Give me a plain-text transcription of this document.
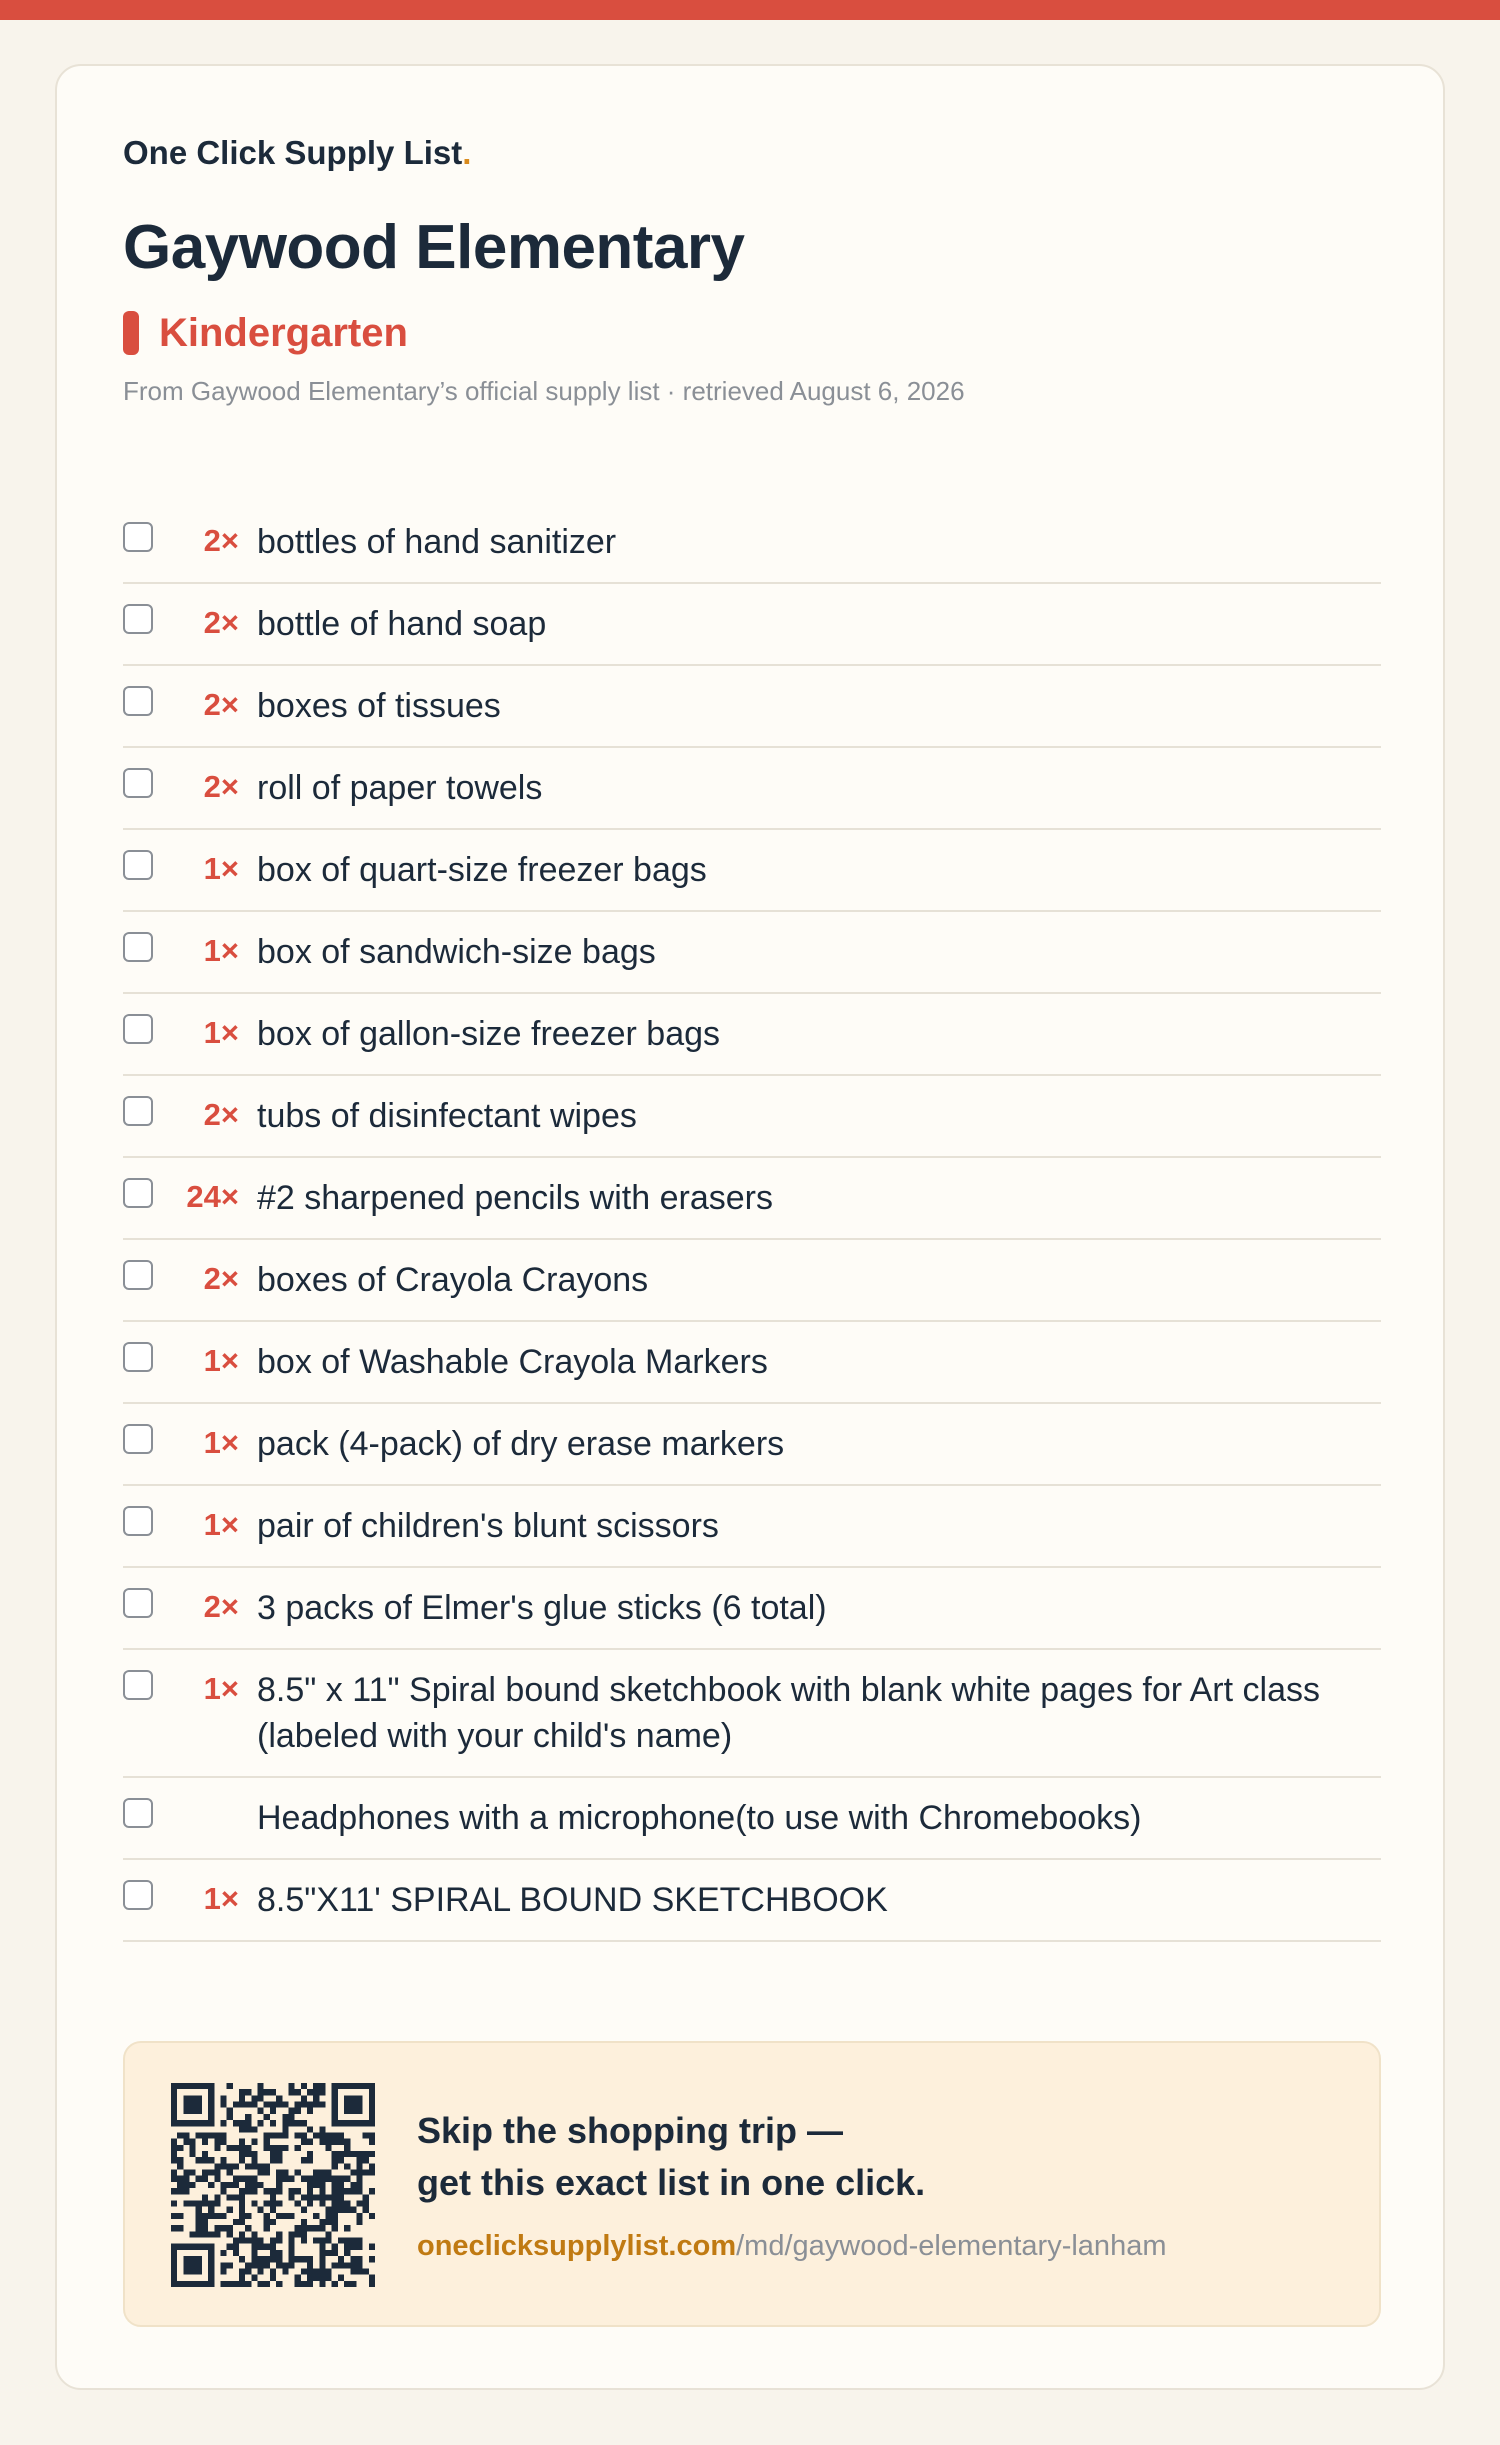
One Click Supply List.
Gaywood Elementary
Kindergarten
From Gaywood Elementary’s official supply list · retrieved August 6, 2026
2× bottles of hand sanitizer
2× bottle of hand soap
2× boxes of tissues
2× roll of paper towels
1× box of quart-size freezer bags
1× box of sandwich-size bags
1× box of gallon-size freezer bags
2× tubs of disinfectant wipes
24× #2 sharpened pencils with erasers
2× boxes of Crayola Crayons
1× box of Washable Crayola Markers
1× pack (4-pack) of dry erase markers
1× pair of children's blunt scissors
2× 3 packs of Elmer's glue sticks (6 total)
1× 8.5" x 11" Spiral bound sketchbook with blank white pages for Art class (labeled with your child's name)
Headphones with a microphone(to use with Chromebooks)
1× 8.5"X11' SPIRAL BOUND SKETCHBOOK
Skip the shopping trip —
get this exact list in one click.
oneclicksupplylist.com/md/gaywood-elementary-lanham
